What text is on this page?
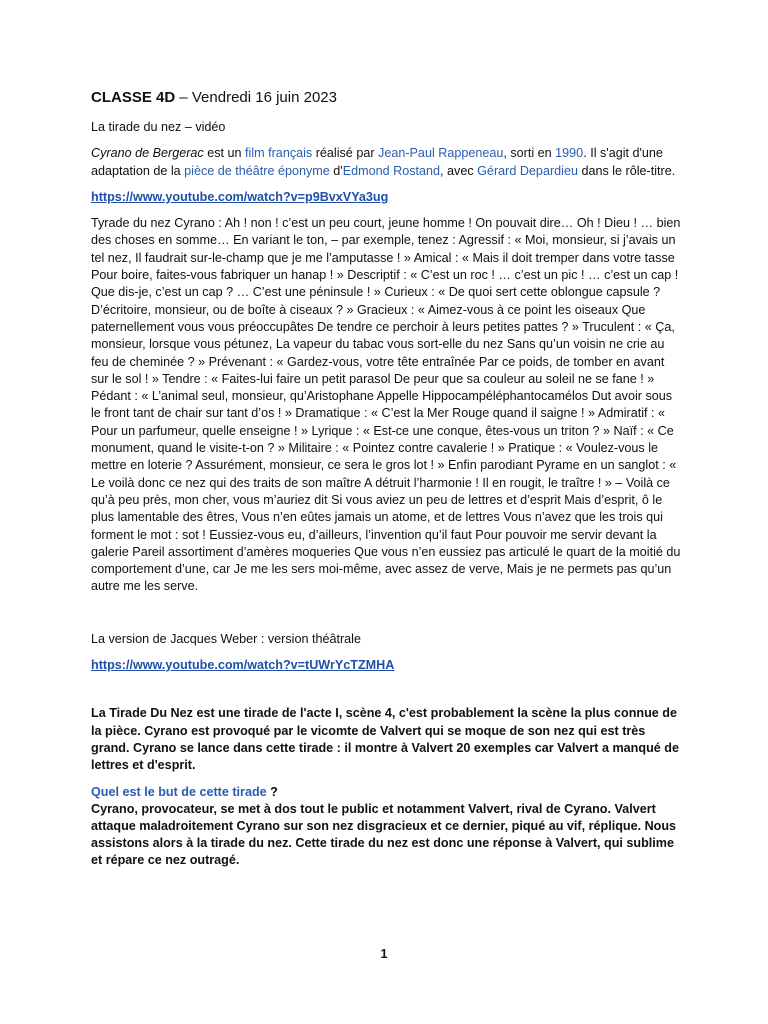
CLASSE 4D – Vendredi 16 juin 2023

La tirade du nez – vidéo

Cyrano de Bergerac est un film français réalisé par Jean-Paul Rappeneau, sorti en 1990. Il s'agit d'une adaptation de la pièce de théâtre éponyme d'Edmond Rostand, avec Gérard Depardieu dans le rôle-titre.

https://www.youtube.com/watch?v=p9BvxVYa3ug

Tyrade du nez Cyrano : Ah ! non ! c’est un peu court, jeune homme ! On pouvait dire… Oh ! Dieu ! … bien des choses en somme… En variant le ton, – par exemple, tenez : Agressif : « Moi, monsieur, si j’avais un tel nez, Il faudrait sur-le-champ que je me l’amputasse ! » Amical : « Mais il doit tremper dans votre tasse Pour boire, faites-vous fabriquer un hanap ! » Descriptif : « C’est un roc ! … c’est un pic ! … c’est un cap ! Que dis-je, c’est un cap ? … C’est une péninsule ! » Curieux : « De quoi sert cette oblongue capsule ? D’écritoire, monsieur, ou de boîte à ciseaux ? » Gracieux : « Aimez-vous à ce point les oiseaux Que paternellement vous vous préoccupâtes De tendre ce perchoir à leurs petites pattes ? » Truculent : « Ça, monsieur, lorsque vous pétunez, La vapeur du tabac vous sort-elle du nez Sans qu’un voisin ne crie au feu de cheminée ? » Prévenant : « Gardez-vous, votre tête entraînée Par ce poids, de tomber en avant sur le sol ! » Tendre : « Faites-lui faire un petit parasol De peur que sa couleur au soleil ne se fane ! » Pédant : « L’animal seul, monsieur, qu’Aristophane Appelle Hippocampéléphantocamélos Dut avoir sous le front tant de chair sur tant d’os ! » Dramatique : « C’est la Mer Rouge quand il saigne ! » Admiratif : « Pour un parfumeur, quelle enseigne ! » Lyrique : « Est-ce une conque, êtes-vous un triton ? » Naïf : « Ce monument, quand le visite-t-on ? » Militaire : « Pointez contre cavalerie ! » Pratique : « Voulez-vous le mettre en loterie ? Assurément, monsieur, ce sera le gros lot ! » Enfin parodiant Pyrame en un sanglot : « Le voilà donc ce nez qui des traits de son maître A détruit l’harmonie ! Il en rougit, le traître ! » – Voilà ce qu’à peu près, mon cher, vous m’auriez dit Si vous aviez un peu de lettres et d’esprit Mais d’esprit, ô le plus lamentable des êtres, Vous n’en eûtes jamais un atome, et de lettres Vous n’avez que les trois qui forment le mot : sot ! Eussiez-vous eu, d’ailleurs, l’invention qu’il faut Pour pouvoir me servir devant la galerie Pareil assortiment d’amères moqueries Que vous n’en eussiez pas articulé le quart de la moitié du comportement d’une, car Je me les sers moi-même, avec assez de verve, Mais je ne permets pas qu’un autre me les serve.

La version de Jacques Weber : version théâtrale

https://www.youtube.com/watch?v=tUWrYcTZMHA

La Tirade Du Nez est une tirade de l'acte I, scène 4, c'est probablement la scène la plus connue de la pièce. Cyrano est provoqué par le vicomte de Valvert qui se moque de son nez qui est très grand. Cyrano se lance dans cette tirade : il montre à Valvert 20 exemples car Valvert a manqué de lettres et d'esprit.

Quel est le but de cette tirade ?

Cyrano, provocateur, se met à dos tout le public et notamment Valvert, rival de Cyrano. Valvert attaque maladroitement Cyrano sur son nez disgracieux et ce dernier, piqué au vif, réplique. Nous assistons alors à la tirade du nez. Cette tirade du nez est donc une réponse à Valvert, qui sublime et répare ce nez outragé.

1
